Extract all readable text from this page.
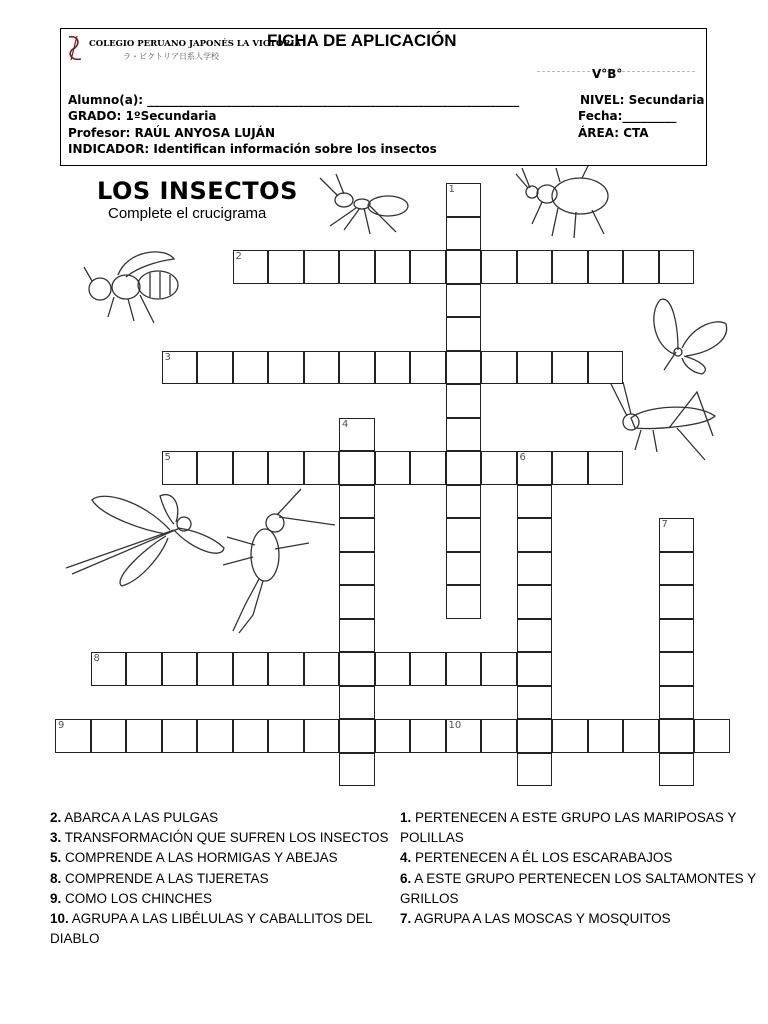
COLEGIO PERUANO JAPONÉS LA VICTORIA
ラ・ビクトリア日系人学校
FICHA DE APLICACIÓN
V°B°
Alumno(a): ______________________________________________________________	NIVEL: Secundaria
GRADO: 1ºSecundaria	Fecha:_________
Profesor: RAÚL ANYOSA LUJÁN	ÁREA: CTA
INDICADOR: Identifican información sobre los insectos
LOS INSECTOS
Complete el crucigrama
1
2
3
4
5	6
7
8
9	10
2. ABARCA A LAS PULGAS
3. TRANSFORMACIÓN QUE SUFREN LOS INSECTOS
5. COMPRENDE A LAS HORMIGAS Y ABEJAS
8. COMPRENDE A LAS TIJERETAS
9. COMO LOS CHINCHES
10. AGRUPA A LAS LIBÉLULAS Y CABALLITOS DEL
DIABLO
1. PERTENECEN A ESTE GRUPO LAS MARIPOSAS Y
POLILLAS
4. PERTENECEN A ÉL LOS ESCARABAJOS
6. A ESTE GRUPO PERTENECEN LOS SALTAMONTES Y
GRILLOS
7. AGRUPA A LAS MOSCAS Y MOSQUITOS
